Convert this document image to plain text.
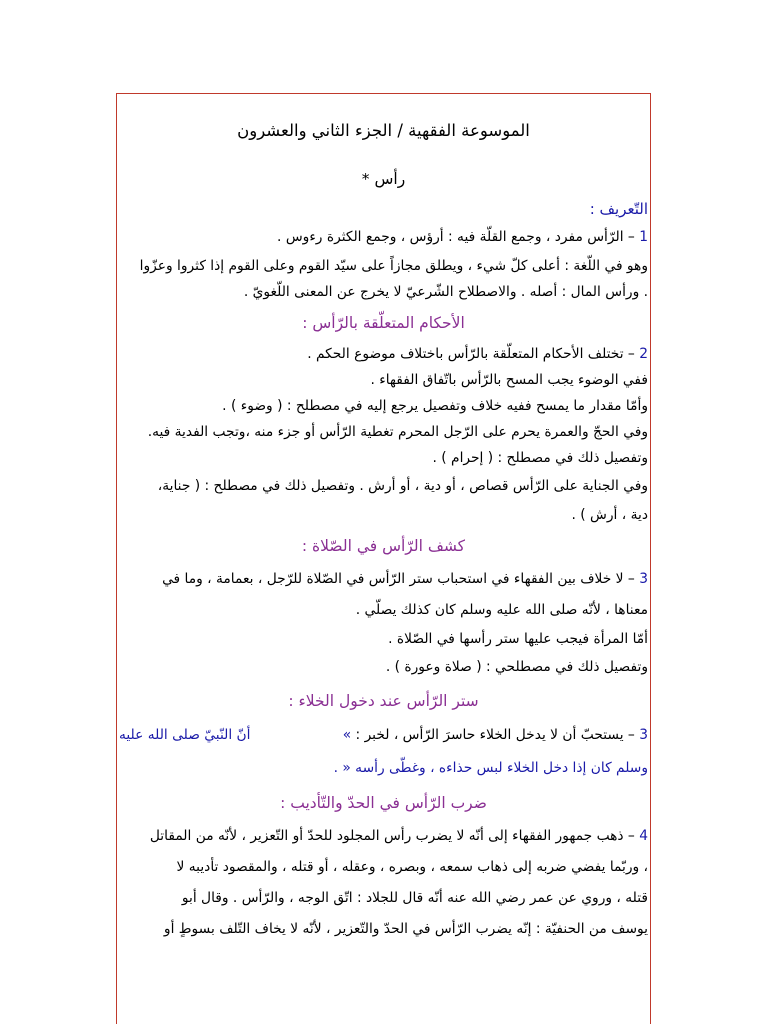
الموسوعة الفقهية / الجزء الثاني والعشرون
رأس *
التّعريف :
1 – الرّأس مفرد ، وجمع القلّة فيه : أرؤس ، وجمع الكثرة رءوس .
وهو في اللّغة : أعلى كلّ شيء ، ويطلق مجازاً على سيّد القوم وعلى القوم إذا كثروا وعزّوا
. ورأس المال : أصله . والاصطلاح الشّرعيّ لا يخرج عن المعنى اللّغويّ .
الأحكام المتعلّقة بالرّأس :
2 – تختلف الأحكام المتعلّقة بالرّأس باختلاف موضوع الحكم .
ففي الوضوء يجب المسح بالرّأس باتّفاق الفقهاء .
وأمّا مقدار ما يمسح ففيه خلاف وتفصيل يرجع إليه في مصطلح : ( وضوء ) .
وفي الحجّ والعمرة يحرم على الرّجل المحرم تغطية الرّأس أو جزء منه ،وتجب الفدية فيه.
وتفصيل ذلك في مصطلح : ( إحرام ) .
وفي الجناية على الرّأس قصاص ، أو دية ، أو أرش . وتفصيل ذلك في مصطلح : ( جناية،
دية ، أرش ) .
كشف الرّأس في الصّلاة :
3 – لا خلاف بين الفقهاء في استحباب ستر الرّأس في الصّلاة للرّجل ، بعمامة ، وما في
معناها ، لأنّه صلى الله عليه وسلم كان كذلك يصلّي .
أمّا المرأة فيجب عليها ستر رأسها في الصّلاة .
وتفصيل ذلك في مصطلحي : ( صلاة وعورة ) .
ستر الرّأس عند دخول الخلاء :
3 – يستحبّ أن لا يدخل الخلاء حاسرَ الرّأس ، لخبر : »
أنّ النّبيّ صلى الله عليه
وسلم كان إذا دخل الخلاء لبس حذاءه ، وغطّى رأسه « .
ضرب الرّأس في الحدّ والتّأديب :
4 – ذهب جمهور الفقهاء إلى أنّه لا يضرب رأس المجلود للحدّ أو التّعزير ، لأنّه من المقاتل
، وربّما يفضي ضربه إلى ذهاب سمعه ، وبصره ، وعقله ، أو قتله ، والمقصود تأديبه لا
قتله ، وروي عن عمر رضي الله عنه أنّه قال للجلاد : اتّق الوجه ، والرّأس . وقال أبو
يوسف من الحنفيّة : إنّه يضرب الرّأس في الحدّ والتّعزير ، لأنّه لا يخاف التّلف بسوطٍ أو
